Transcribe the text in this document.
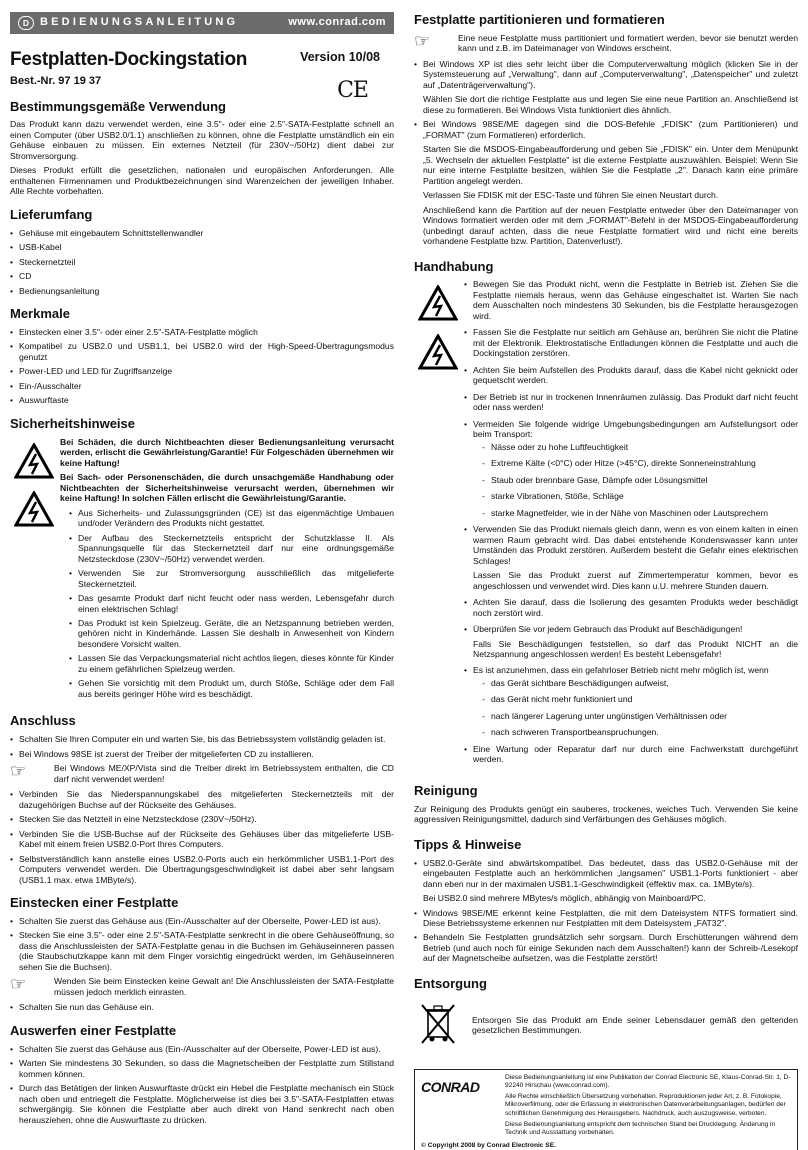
D BEDIENUNGSANLEITUNG	www.conrad.com
Festplatten-Dockingstation	Version 10/08
Best.-Nr. 97 19 37	CE
Bestimmungsgemäße Verwendung

Das Produkt kann dazu verwendet werden, eine 3.5"- oder eine 2.5"-SATA-Festplatte schnell an einen Computer (über USB2.0/1.1) anschließen zu können, ohne die Festplatte umständlich ein ein Gehäuse einbauen zu müssen. Ein externes Netzteil (für 230V~/50Hz) dient dabei zur Stromversorgung.

Dieses Produkt erfüllt die gesetzlichen, nationalen und europäischen Anforderungen. Alle enthaltenen Firmennamen und Produktbezeichnungen sind Warenzeichen der jeweiligen Inhaber. Alle Rechte vorbehalten.

Lieferumfang
• Gehäuse mit eingebautem Schnittstellenwandler
• USB-Kabel
• Steckernetzteil
• CD
• Bedienungsanleitung
Merkmale
• Einstecken einer 3.5"- oder einer 2.5"-SATA-Festplatte möglich
• Kompatibel zu USB2.0 und USB1.1, bei USB2.0 wird der High-Speed-Übertragungsmodus genutzt
• Power-LED und LED für Zugriffsanzeige
• Ein-/Ausschalter
• Auswurftaste
Sicherheitshinweise

Bei Schäden, die durch Nichtbeachten dieser Bedienungsanleitung verursacht werden, erlischt die Gewährleistung/Garantie! Für Folgeschäden übernehmen wir keine Haftung!

Bei Sach- oder Personenschäden, die durch unsachgemäße Handhabung oder Nichtbeachten der Sicherheitshinweise verursacht werden, übernehmen wir keine Haftung! In solchen Fällen erlischt die Gewährleistung/Garantie.

• Aus Sicherheits- und Zulassungsgründen (CE) ist das eigenmächtige Umbauen und/oder Verändern des Produkts nicht gestattet.
• Der Aufbau des Steckernetzteils entspricht der Schutzklasse II. Als Spannungsquelle für das Steckernetzteil darf nur eine ordnungsgemäße Netzsteckdose (230V~/50Hz) verwendet werden.
• Verwenden Sie zur Stromversorgung ausschließlich das mitgelieferte Steckernetzteil.
• Das gesamte Produkt darf nicht feucht oder nass werden, Lebensgefahr durch einen elektrischen Schlag!
• Das Produkt ist kein Spielzeug. Geräte, die an Netzspannung betrieben werden, gehören nicht in Kinderhände. Lassen Sie deshalb in Anwesenheit von Kindern besondere Vorsicht walten.
• Lassen Sie das Verpackungsmaterial nicht achtlos liegen, dieses könnte für Kinder zu einem gefährlichen Spielzeug werden.
• Gehen Sie vorsichtig mit dem Produkt um, durch Stöße, Schläge oder dem Fall aus bereits geringer Höhe wird es beschädigt.
Anschluss
• Schalten Sie Ihren Computer ein und warten Sie, bis das Betriebssystem vollständig geladen ist.
• Bei Windows 98SE ist zuerst der Treiber der mitgelieferten CD zu installieren.
☞	Bei Windows ME/XP/Vista sind die Treiber direkt im Betriebssystem enthalten, die CD darf nicht verwendet werden!
• Verbinden Sie das Niederspannungskabel des mitgelieferten Steckernetzteils mit der dazugehörigen Buchse auf der Rückseite des Gehäuses.
• Stecken Sie das Netzteil in eine Netzsteckdose (230V~/50Hz).
• Verbinden Sie die USB-Buchse auf der Rückseite des Gehäuses über das mitgelieferte USB-Kabel mit einem freien USB2.0-Port Ihres Computers.
• Selbstverständlich kann anstelle eines USB2.0-Ports auch ein herkömmlicher USB1.1-Port des Computers verwendet werden. Die Übertragungsgeschwindigkeit ist dabei aber sehr langsam (USB1.1 max. etwa 1MByte/s).
Einstecken einer Festplatte
• Schalten Sie zuerst das Gehäuse aus (Ein-/Ausschalter auf der Oberseite, Power-LED ist aus).
• Stecken Sie eine 3.5"- oder eine 2.5"-SATA-Festplatte senkrecht in die obere Gehäuseöffnung, so dass die Anschlussleisten der SATA-Festplatte genau in die Buchsen im Gehäuseinneren passen (die Staubschutzkappe kann mit dem Finger vorsichtig eingedrückt werden, im Gehäuseinneren sehen Sie die Buchsen).
☞	Wenden Sie beim Einstecken keine Gewalt an! Die Anschlussleisten der SATA-Festplatte müssen jedoch merklich einrasten.
• Schalten Sie nun das Gehäuse ein.
Auswerfen einer Festplatte
• Schalten Sie zuerst das Gehäuse aus (Ein-/Ausschalter auf der Oberseite, Power-LED ist aus).
• Warten Sie mindestens 30 Sekunden, so dass die Magnetscheiben der Festplatte zum Stillstand kommen können.
• Durch das Betätigen der linken Auswurftaste drückt ein Hebel die Festplatte mechanisch ein Stück nach oben und entriegelt die Festplatte. Möglicherweise ist dies bei 3.5"-SATA-Festplatten etwas schwergängig. Sie können die Festplatte aber auch direkt von Hand senkrecht nach oben herausziehen, ohne die Auswurftaste zu drücken.
Festplatte partitionieren und formatieren
☞	Eine neue Festplatte muss partitioniert und formatiert werden, bevor sie benutzt werden kann und z.B. im Dateimanager von Windows erscheint.
• Bei Windows XP ist dies sehr leicht über die Computerverwaltung möglich (klicken Sie in der Systemsteuerung auf „Verwaltung", dann auf „Computerverwaltung", „Datenspeicher" und zuletzt auf „Datenträgerverwaltung").

Wählen Sie dort die richtige Festplatte aus und legen Sie eine neue Partition an. Anschließend ist diese zu formatieren. Bei Windows Vista funktioniert dies ähnlich.

• Bei Windows 98SE/ME dagegen sind die DOS-Befehle „FDISK" (zum Partitionieren) und „FORMAT" (zum Formatieren) erforderlich.

Starten Sie die MSDOS-Eingabeaufforderung und geben Sie „FDISK" ein. Unter dem Menüpunkt „5. Wechseln der aktuellen Festplatte" ist die externe Festplatte auszuwählen. Beispiel: Wenn Sie nur eine interne Festplatte besitzen, wählen Sie die Festplatte „2". Danach kann eine primäre Partition angelegt werden.

Verlassen Sie FDISK mit der ESC-Taste und führen Sie einen Neustart durch.

Anschließend kann die Partition auf der neuen Festplatte entweder über den Dateimanager von Windows formatiert werden oder mit dem „FORMAT"-Befehl in der MSDOS-Eingabeaufforderung (unbedingt darauf achten, dass die neue Festplatte formatiert wird und nicht eine bereits vorhandene Festplatte bzw. Partition, Datenverlust!).

Handhabung

• Bewegen Sie das Produkt nicht, wenn die Festplatte in Betrieb ist. Ziehen Sie die Festplatte niemals heraus, wenn das Gehäuse eingeschaltet ist. Warten Sie nach dem Ausschalten noch mindestens 30 Sekunden, bis die Festplatte herausgezogen wird.
• Fassen Sie die Festplatte nur seitlich am Gehäuse an, berühren Sie nicht die Platine mit der Elektronik. Elektrostatische Entladungen können die Festplatte und auch die Dockingstation zerstören.
• Achten Sie beim Aufstellen des Produkts darauf, dass die Kabel nicht geknickt oder gequetscht werden.
• Der Betrieb ist nur in trockenen Innenräumen zulässig. Das Produkt darf nicht feucht oder nass werden!
• Vermeiden Sie folgende widrige Umgebungsbedingungen am Aufstellungsort oder beim Transport:
- Nässe oder zu hohe Luftfeuchtigkeit
- Extreme Kälte (<0°C) oder Hitze (>45°C), direkte Sonneneinstrahlung
- Staub oder brennbare Gase, Dämpfe oder Lösungsmittel
- starke Vibrationen, Stöße, Schläge
- starke Magnetfelder, wie in der Nähe von Maschinen oder Lautsprechern
• Verwenden Sie das Produkt niemals gleich dann, wenn es von einem kalten in einen warmen Raum gebracht wird. Das dabei entstehende Kondenswasser kann unter Umständen das Produkt zerstören. Außerdem besteht die Gefahr eines elektrischen Schlages!

Lassen Sie das Produkt zuerst auf Zimmertemperatur kommen, bevor es angeschlossen und verwendet wird. Dies kann u.U. mehrere Stunden dauern.

• Achten Sie darauf, dass die Isolierung des gesamten Produkts weder beschädigt noch zerstört wird.
• Überprüfen Sie vor jedem Gebrauch das Produkt auf Beschädigungen!

Falls Sie Beschädigungen feststellen, so darf das Produkt NICHT an die Netzspannung angeschlossen werden! Es besteht Lebensgefahr!

• Es ist anzunehmen, dass ein gefahrloser Betrieb nicht mehr möglich ist, wenn
- das Gerät sichtbare Beschädigungen aufweist,
- das Gerät nicht mehr funktioniert und
- nach längerer Lagerung unter ungünstigen Verhältnissen oder
- nach schweren Transportbeanspruchungen.
• Eine Wartung oder Reparatur darf nur durch eine Fachwerkstatt durchgeführt werden.
Reinigung

Zur Reinigung des Produkts genügt ein sauberes, trockenes, weiches Tuch. Verwenden Sie keine aggressiven Reinigungsmittel, dadurch sind Verfärbungen des Gehäuses möglich.

Tipps & Hinweise
• USB2.0-Geräte sind abwärtskompatibel. Das bedeutet, dass das USB2.0-Gehäuse mit der eingebauten Festplatte auch an herkömmlichen „langsamen" USB1.1-Ports funktioniert - aber dann eben nur in der maximalen USB1.1-Geschwindigkeit (effektiv max. ca. 1MByte/s).

Bei USB2.0 sind mehrere MBytes/s möglich, abhängig von Mainboard/PC.

• Windows 98SE/ME erkennt keine Festplatten, die mit dem Dateisystem NTFS formatiert sind. Diese Betriebssysteme erkennen nur Festplatten mit dem Dateisystem „FAT32".
• Behandeln Sie Festplatten grundsätzlich sehr sorgsam. Durch Erschütterungen während dem Betrieb (und auch noch für einige Sekunden nach dem Ausschalten!) kann der Schreib-/Lesekopf auf der Magnetscheibe aufsetzen, was die Festplatte zerstört!
Entsorgung

Entsorgen Sie das Produkt am Ende seiner Lebensdauer gemäß den geltenden gesetzlichen Bestimmungen.

CONRAD

Diese Bedienungsanleitung ist eine Publikation der Conrad Electronic SE, Klaus-Conrad-Str. 1, D-92240 Hirschau (www.conrad.com).

Alle Rechte einschließlich Übersetzung vorbehalten. Reproduktionen jeder Art, z. B. Fotokopie, Mikroverfilmung, oder die Erfassung in elektronischen Datenverarbeitungsanlagen, bedürfen der schriftlichen Genehmigung des Herausgebers. Nachdruck, auch auszugsweise, verboten.

Diese Bedienungsanleitung entspricht dem technischen Stand bei Drucklegung. Änderung in Technik und Ausstattung vorbehalten.

© Copyright 2008 by Conrad Electronic SE.
